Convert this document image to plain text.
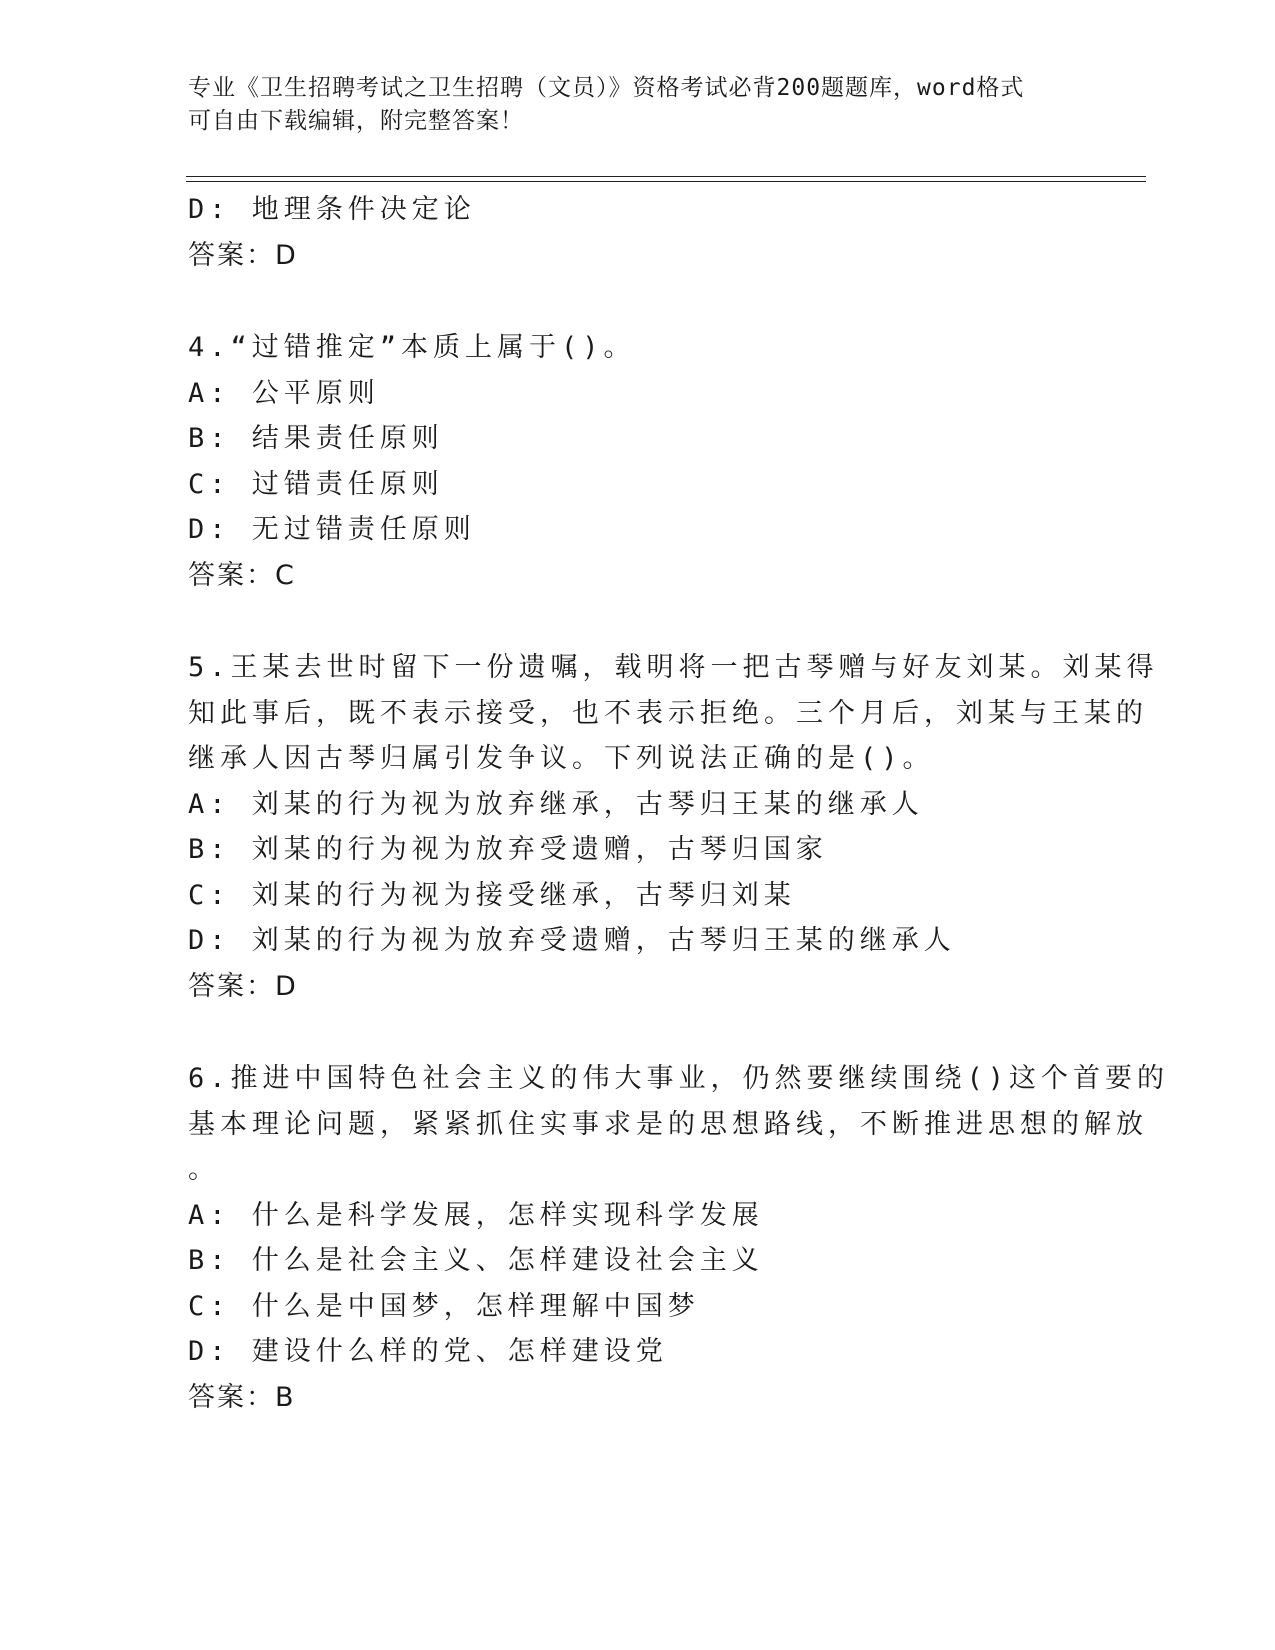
专业《卫生招聘考试之卫生招聘（文员）》资格考试必背200题题库，word格式
可自由下载编辑，附完整答案！
D: 地理条件决定论
答案：D
4.“过错推定”本质上属于()。
A: 公平原则
B: 结果责任原则
C: 过错责任原则
D: 无过错责任原则
答案：C
5.王某去世时留下一份遗嘱，载明将一把古琴赠与好友刘某。刘某得
知此事后，既不表示接受，也不表示拒绝。三个月后，刘某与王某的
继承人因古琴归属引发争议。下列说法正确的是()。
A: 刘某的行为视为放弃继承，古琴归王某的继承人
B: 刘某的行为视为放弃受遗赠，古琴归国家
C: 刘某的行为视为接受继承，古琴归刘某
D: 刘某的行为视为放弃受遗赠，古琴归王某的继承人
答案：D
6.推进中国特色社会主义的伟大事业，仍然要继续围绕()这个首要的
基本理论问题，紧紧抓住实事求是的思想路线，不断推进思想的解放
。
A: 什么是科学发展，怎样实现科学发展
B: 什么是社会主义、怎样建设社会主义
C: 什么是中国梦，怎样理解中国梦
D: 建设什么样的党、怎样建设党
答案：B
